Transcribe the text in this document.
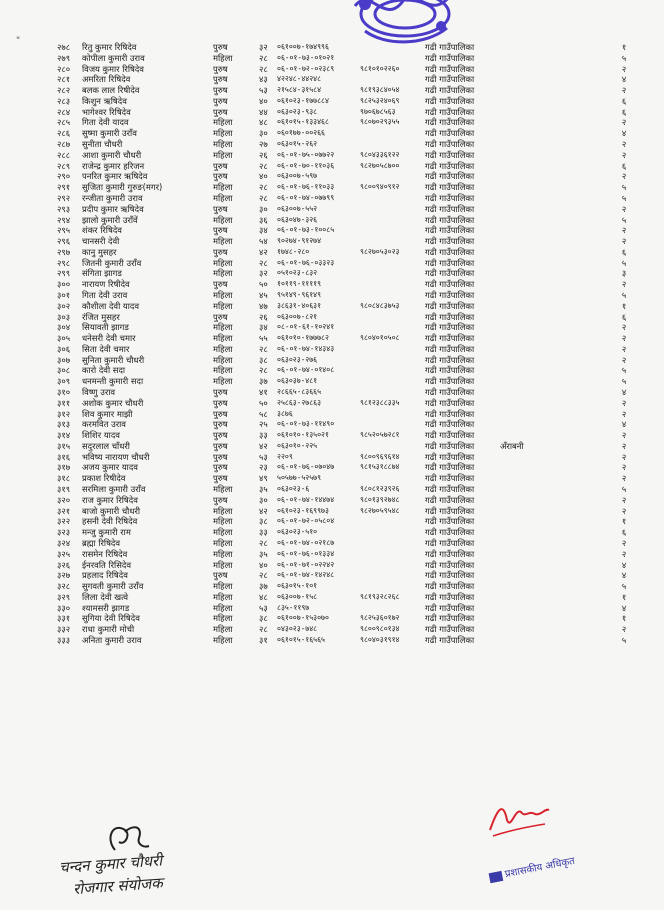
"
२७८	रितु कुमार रिषिदेव	पुरुष	३२	०६१००७-१७४९९६	गढी गाउँपालिका	१
२७९	कोपीला कुमारी उराव	महिला	२८	०६-०१-७३-०१०२१	गढी गाउँपालिका	५
२८०	विजय कुमार रिषिदेव	पुरुष	२८	०६-०१-७२-०२३८९	९८१०१०२२६०	गढी गाउँपालिका	२
२८१	अमरिता रिषिदेव	पुरुष	४३	४२२४८-४४२४८	गढी गाउँपालिका	४
२८२	बलक लाल रिषीदेव	पुरुष	५३	२१५८४-३१५८४	९८१९३८४०५४	गढी गाउँपालिका	२
२८३	किशुन ऋषिदेव	पुरुष	४०	०६१०२३-१७७८८४	९८२५३२४०६९	गढी गाउँपालिका	६
२८४	भागेश्वर रिषिदेव	पुरुष	४४	०६३०२३-९३८	९७०६७८५६३	गढी गाउँपालिका	६
२८५	गिता देवी यादव	महिला	४८	०६१०१५-१३३४६८	९८०७०२९३५५	गढी गाउँपालिका	२
२८६	सुष्मा कुमारी उराँव	महिला	३०	०६०१७७-००२६६	गढी गाउँपालिका	४
२८७	सुनीता चौधरी	महिला	२७	०६३०१५-२६२	गढी गाउँपालिका	२
२८८	आशा कुमारी चौधरी	महिला	२६	०६-०१-७५-०७७२२	९८०४३३६१२२	गढी गाउँपालिका	२
२८९	राजेन्द्र कुमार हरिजन	पुरुष	२८	०६-०१-७०-११०३६	९८२७०५८७००	गढी गाउँपालिका	६
२९०	पनरित कुमार ऋषिदेव	पुरुष	४०	०६३००७-५९७	गढी गाउँपालिका	२
२९१	सुजिता कुमारी गुरुङ(मगर)	महिला	२८	०६-०१-७६-११०३३	९८००९४०९१२	गढी गाउँपालिका	५
२९२	रन्जीता कुमारी उराव	महिला	२८	०६-०१-७४-०७७९९	गढी गाउँपालिका	५
२९३	प्रदीप कुमार ऋषिदेव	पुरुष	३०	०६३००७-५५२	गढी गाउँपालिका	२
२९४	झालो कुमारी उराँवें	महिला	३६	०६३०४७-३२६	गढी गाउँपालिका	५
२९५	शंकर रिषिदेव	पुरुष	३४	०६-०१-७३-१००८५	गढी गाउँपालिका	२
२९६	चानसरी देवी	महिला	५४	९०२७४-९१२७४	गढी गाउँपालिका	२
२९७	कानु मुसहर	पुरुष	४२	१७४८-२८०	९८२७०५३०२३	गढी गाउँपालिका	६
२९८	जितनी कुमारी उराँव	महिला	२८	०६-०१-७६-०३३२३	गढी गाउँपालिका	५
२९९	संगिता झागड	महिला	३२	०५१०२३-८३२	गढी गाउँपालिका	३
३००	नारायण रिषीदेव	पुरुष	५०	१०११९-११११९	गढी गाउँपालिका	२
३०१	गिता देवी उराव	महिला	४५	९५१४९-९६१४९	गढी गाउँपालिका	५
३०२	कौशीला देवी यादव	महिला	४७	३८६३१-४०६३१	९८०८४८३७५३	गढी गाउँपालिका	१
३०३	रंजित मुसहर	पुरुष	२६	०६३००७-८२१	गढी गाउँपालिका	६
३०४	सियावती झागड	महिला	३४	०८-०१-६१-१०२४१	गढी गाउँपालिका	२
३०५	धनेसरी देवी चमार	महिला	५५	०६१०१०-१७७७८२	९८०४०१०५०८	गढी गाउँपालिका	२
३०६	सिता देवी चमार	महिला	२८	०६-०१-७४-१४३४३	गढी गाउँपालिका	२
३०७	सुनिता कुमारी चौधरी	महिला	३८	०६३०२३-२७६	गढी गाउँपालिका	२
३०८	कारो देवी सदा	महिला	२८	०६-०१-७४-०१४०८	गढी गाउँपालिका	५
३०९	धनमन्ती कुमारी सदा	महिला	३७	०६३०३७-४८१	गढी गाउँपालिका	५
३१०	विष्णु उराव	पुरुष	४१	२८६६५-८३६६५	गढी गाउँपालिका	४
३११	अशोक कुमार चौधरी	पुरुष	५०	२५८६३-२७८६३	९८१२३८८३३५	गढी गाउँपालिका	२
३१२	शिव कुमार माझी	पुरुष	५८	३८७६	गढी गाउँपालिका	२
३१३	करमवित उराव	पुरुष	२५	०६-०१-७३-११४९०	गढी गाउँपालिका	४
३१४	शिशिर यादव	पुरुष	३३	०६१०१०-१३५०२१	९८५२०५७२८१	गढी गाउँपालिका	२
३१५	सदुरलाल चाँधरी	पुरुष	४२	०६३०१०-२२५	गढी गाउँपालिका	अँराबनी	२
३१६	भविष्य नारायण चौधरी	पुरुष	५३	२२०९	९८००९६९६१४	गढी गाउँपालिका	२
३१७	अजय कुमार यादव	पुरुष	२३	०६-०१-७६-०७०४७	९८१५३१८८७४	गढी गाउँपालिका	२
३१८	प्रकाश रिषीदेव	पुरुष	४९	५०५७७-५२५७९	गढी गाउँपालिका	२
३१९	सरमिला कुमारी उराँव	महिला	३५	०६३०२३-६	९८०८१२३९२६	गढी गाउँपालिका	५
३२०	राज कुमार रिषिदेव	पुरुष	३०	०६-०१-७४-१४४७४	९८०१३९२७४८	गढी गाउँपालिका	२
३२१	बाजो कुमारी चौधरी	महिला	४२	०६१०२३-१६९९७३	९८२७०५९५४८	गढी गाउँपालिका	२
३२२	हसनी देवी रिषिदेव	महिला	३८	०६-०१-७२-०५८०४	गढी गाउँपालिका	१
३२३	मन्जु कुमारी राम	महिला	३३	०६३०२३-५१०	गढी गाउँपालिका	६
३२४	ब्रह्मा रिषिदेव	महिला	२८	०६-०१-७४-०२१८७	गढी गाउँपालिका	२
३२५	रासमेन रिषिदेव	महिला	३५	०६-०१-७६-०१३३४	गढी गाउँपालिका	२
३२६	ईनरवति रिसिदेव	महिला	४०	०६-०१-७१-०२२४२	गढी गाउँपालिका	४
३२७	प्रहलाद रिषिदेव	पुरुष	२८	०६-०१-७४-१४२४८	गढी गाउँपालिका	४
३२८	सुगवती कुमारी उराँव	महिला	३७	०६३०१५-१०१	गढी गाउँपालिका	५
३२९	लिला देवी खत्वे	महिला	४८	०६३००७-१५८	९८१९३२८२६८	गढी गाउँपालिका	१
३३०	श्यामसरी झागड	महिला	५३	८३५-११९७	गढी गाउँपालिका	४
३३१	सुगिया देवी रिषिदेव	महिला	३८	०६१००७-१५३०७०	९८२५३६०१७२	गढी गाउँपालिका	१
३३२	राधा कुमारी मोची	महिला	२८	०४३०२३-७४८	९८००९८०१३४	गढी गाउँपालिका	२
३३३	अनिता कुमारी उराव	महिला	३१	०६१०१५-१६५६५	९८०४०३१९१४	गढी गाउँपालिका	५
चन्दन कुमार चौधरी
रोजगार संयोजक
प्रशासकीय अधिकृत
